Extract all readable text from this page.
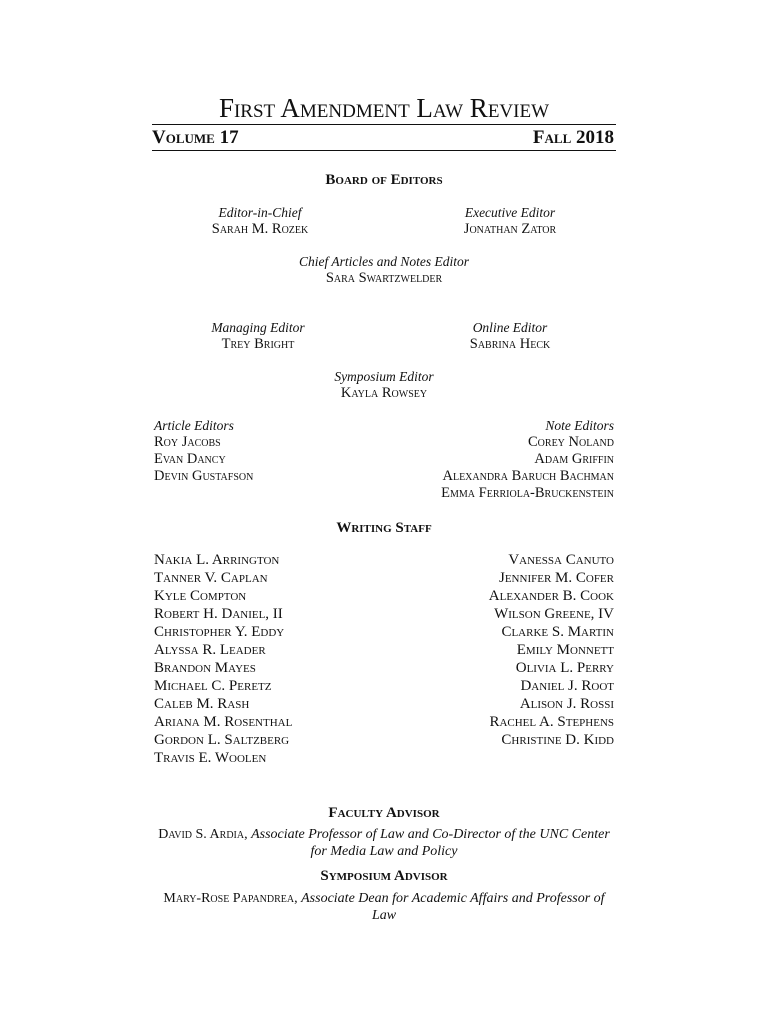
First Amendment Law Review
Volume 17	Fall 2018
Board of Editors
Editor-in-Chief
Sarah M. Rozek
Executive Editor
Jonathan Zator
Chief Articles and Notes Editor
Sara Swartzwelder
Managing Editor
Trey Bright
Online Editor
Sabrina Heck
Symposium Editor
Kayla Rowsey
Article Editors
Roy Jacobs
Evan Dancy
Devin Gustafson
Note Editors
Corey Noland
Adam Griffin
Alexandra Baruch Bachman
Emma Ferriola-Bruckenstein
Writing Staff
Nakia L. Arrington
Tanner V. Caplan
Kyle Compton
Robert H. Daniel, II
Christopher Y. Eddy
Alyssa R. Leader
Brandon Mayes
Michael C. Peretz
Caleb M. Rash
Ariana M. Rosenthal
Gordon L. Saltzberg
Travis E. Woolen
Vanessa Canuto
Jennifer M. Cofer
Alexander B. Cook
Wilson Greene, IV
Clarke S. Martin
Emily Monnett
Olivia L. Perry
Daniel J. Root
Alison J. Rossi
Rachel A. Stephens
Christine D. Kidd
Faculty Advisor
David S. Ardia, Associate Professor of Law and Co-Director of the UNC Center for Media Law and Policy
Symposium Advisor
Mary-Rose Papandrea, Associate Dean for Academic Affairs and Professor of Law
